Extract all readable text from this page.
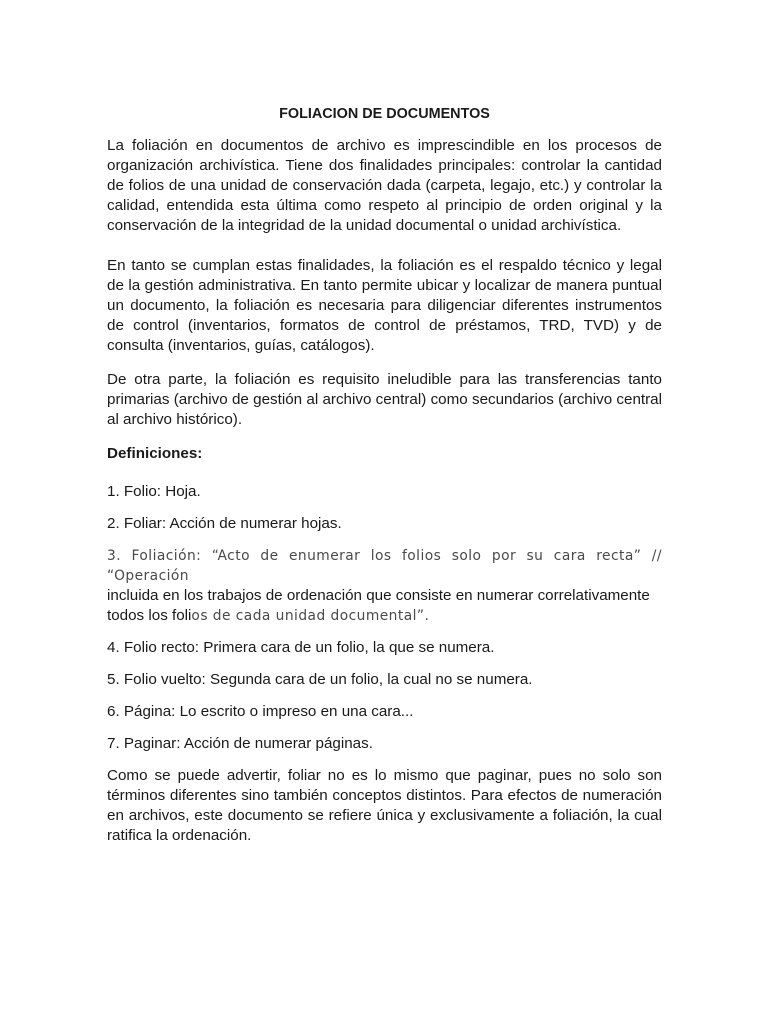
FOLIACION DE DOCUMENTOS

La foliación en documentos de archivo es imprescindible en los procesos de organización archivística. Tiene dos finalidades principales: controlar la cantidad de folios de una unidad de conservación dada (carpeta, legajo, etc.) y controlar la calidad, entendida esta última como respeto al principio de orden original y la conservación de la integridad de la unidad documental o unidad archivística.

En tanto se cumplan estas finalidades, la foliación es el respaldo técnico y legal de la gestión administrativa. En tanto permite ubicar y localizar de manera puntual un documento, la foliación es necesaria para diligenciar diferentes instrumentos de control (inventarios, formatos de control de préstamos, TRD, TVD) y de consulta (inventarios, guías, catálogos).

De otra parte, la foliación es requisito ineludible para las transferencias tanto primarias (archivo de gestión al archivo central) como secundarios (archivo central al archivo histórico).

Definiciones:
1. Folio: Hoja.
2. Foliar: Acción de numerar hojas.

3. Foliación: “Acto de enumerar los folios solo por su cara recta” // “Operación

incluida en los trabajos de ordenación que consiste en numerar correlativamente

todos los folios de cada unidad documental”.

4. Folio recto: Primera cara de un folio, la que se numera.
5. Folio vuelto: Segunda cara de un folio, la cual no se numera.
6. Página: Lo escrito o impreso en una cara...
7. Paginar: Acción de numerar páginas.

Como se puede advertir, foliar no es lo mismo que paginar, pues no solo son términos diferentes sino también conceptos distintos. Para efectos de numeración en archivos, este documento se refiere única y exclusivamente a foliación, la cual ratifica la ordenación.
